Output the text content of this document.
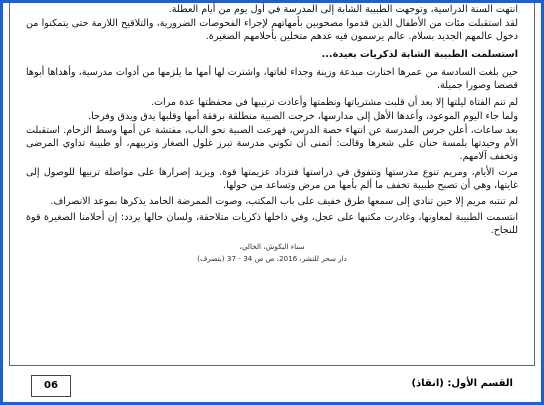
انتهت السنة الدراسية، وتوجهت الطبيبة الشابة إلى المدرسة في أول يوم من أيام العطلة.

لقد استقبلت مئات من الأطفال الذين قدموا مصحوبين بأمهاتهم لإجراء الفحوصات الضرورية، والتلاقيح اللازمة حتى يتمكنوا من دخول عالمهم الجديد بسلام. عالم يرسمون فيه غدهم متخلين بأحلامهم الصغيرة.

استسلمت الطبيبة الشابة لذكريات بعيدة...

حين بلغت السادسة من عمرها اختارت مبدعة وزينة وجداء لغاتها، واشترت لها أمها ما يلزمها من أدوات مدرسية، وأهداها أبوها قصصا وصورا جميلة.

لم تنم الفتاة ليلتها إلا بعد أن قلبت مشترياتها ونظمتها وأعادت ترتيبها في محفظتها عدة مرات.

ولما جاء اليوم الموعود، وأعدها الأهل إلى مدارسها، خرجت الصبية منطلقة برفقة أمها وقلبها يدق ويدق وفرحا.

بعد ساعات، أعلن جرس المدرسة عن انتهاء حصة الدرس، فهرعت الصبية نحو الباب، مفتشة عن أمها وسط الزحام. استقبلت الأم وحيدتها بلمسة حنان على شعرها وقالت: أتمنى أن تكوني مدرسة تبرز غلول الصغار وتربيهم، أو طبيبة تداوي المرضى وتخفف آلامهم.

مرت الأيام، ومريم تنوع مدرستها وتتفوق في دراستها فتزداد عزيمتها قوة. ويزيد إصرارها على مواصلة تربيها للوصول إلى غايتها، وهي أن تصبح طبيبة تخفف ما ألم بأمها من مرض وتساعد من حولها.

لم تنتبه مريم إلا حين تنادي إلى سمعها طرق خفيف على باب المكتب، وصوت الممرضة الحامد يذكرها بموعد الانصراف.

ابتسمت الطبيبة لمعاونها، وغادرت مكتبها على عجل، وفي داخلها ذكريات متلاحقة، ولسان حالها يردد: إن أحلامنا الصغيرة قوة للنجاح.

سناء البكوش، الخالي،
دار سحر للنشر، 2016، ص ص 34 - 37 (بتصرف)
06	القسم الأول: (انقاذ)
